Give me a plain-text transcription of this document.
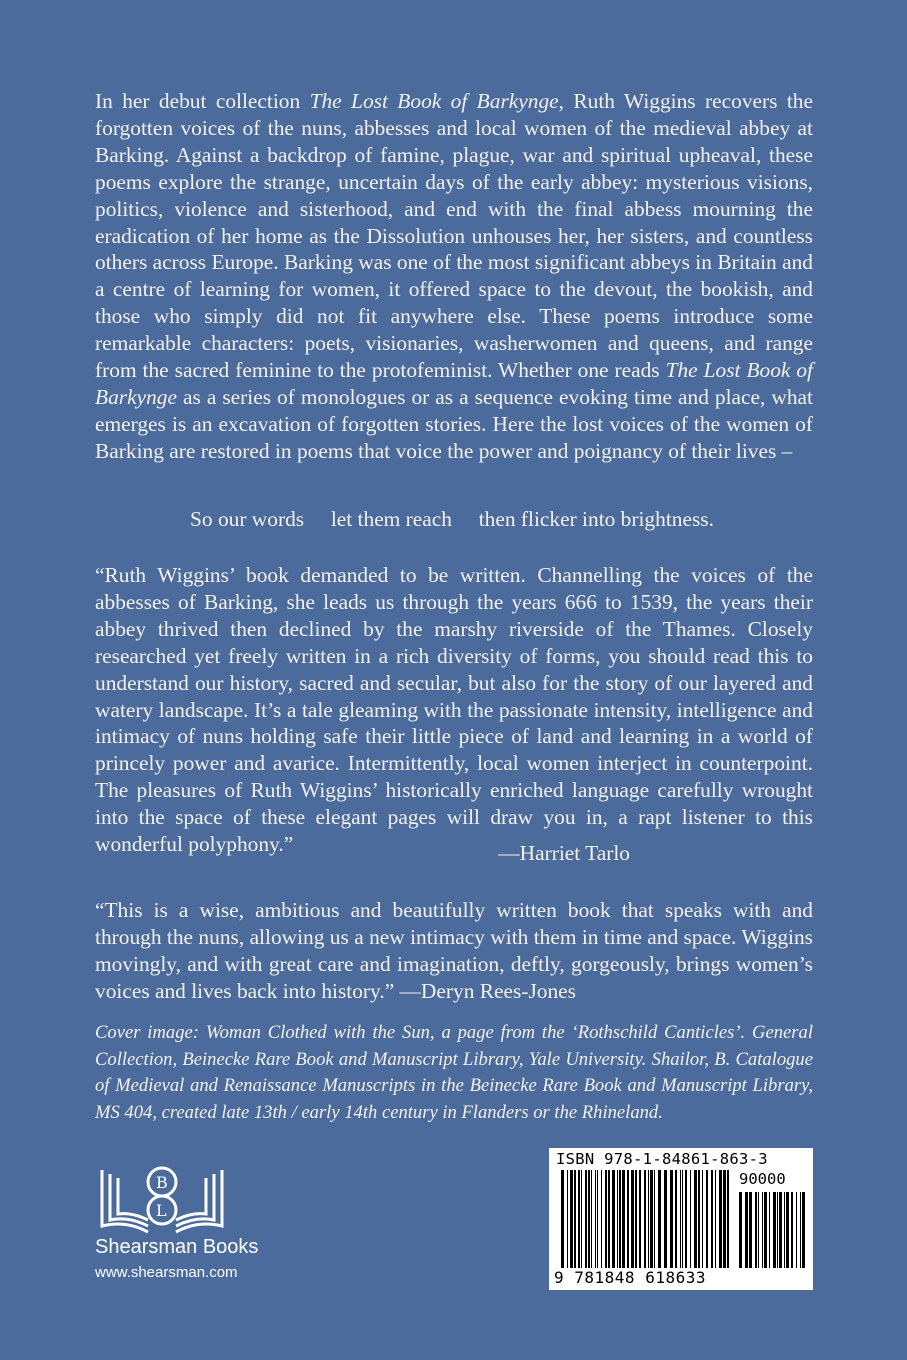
In her debut collection The Lost Book of Barkynge, Ruth Wiggins recovers the forgotten voices of the nuns, abbesses and local women of the medieval abbey at Barking. Against a backdrop of famine, plague, war and spiritual upheaval, these poems explore the strange, uncertain days of the early abbey: mysterious visions, politics, violence and sisterhood, and end with the final abbess mourning the eradication of her home as the Dissolution unhouses her, her sisters, and countless others across Europe. Barking was one of the most significant abbeys in Britain and a centre of learning for women, it offered space to the devout, the bookish, and those who simply did not fit anywhere else. These poems introduce some remarkable characters: poets, visionaries, washerwomen and queens, and range from the sacred feminine to the protofeminist. Whether one reads The Lost Book of Barkynge as a series of monologues or as a sequence evoking time and place, what emerges is an excavation of forgotten stories. Here the lost voices of the women of Barking are restored in poems that voice the power and poignancy of their lives –

So our words     let them reach     then flicker into brightness.

“Ruth Wiggins’ book demanded to be written. Channelling the voices of the abbesses of Barking, she leads us through the years 666 to 1539, the years their abbey thrived then declined by the marshy riverside of the Thames. Closely researched yet freely written in a rich diversity of forms, you should read this to understand our history, sacred and secular, but also for the story of our layered and watery landscape. It’s a tale gleaming with the passionate intensity, intelligence and intimacy of nuns holding safe their little piece of land and learning in a world of princely power and avarice. Intermittently, local women interject in counterpoint. The pleasures of Ruth Wiggins’ historically enriched language carefully wrought into the space of these elegant pages will draw you in, a rapt listener to this wonderful polyphony.”	—Harriet Tarlo

“This is a wise, ambitious and beautifully written book that speaks with and through the nuns, allowing us a new intimacy with them in time and space. Wiggins movingly, and with great care and imagination, deftly, gorgeously, brings women’s voices and lives back into history.” —Deryn Rees-Jones

Cover image: Woman Clothed with the Sun, a page from the ‘Rothschild Canticles’. General Collection, Beinecke Rare Book and Manuscript Library, Yale University. Shailor, B. Catalogue of Medieval and Renaissance Manuscripts in the Beinecke Rare Book and Manuscript Library, MS 404, created late 13th / early 14th century in Flanders or the Rhineland.

B
L

Shearsman Books

www.shearsman.com

ISBN 978-1-84861-863-3
90000
9 781848 618633
